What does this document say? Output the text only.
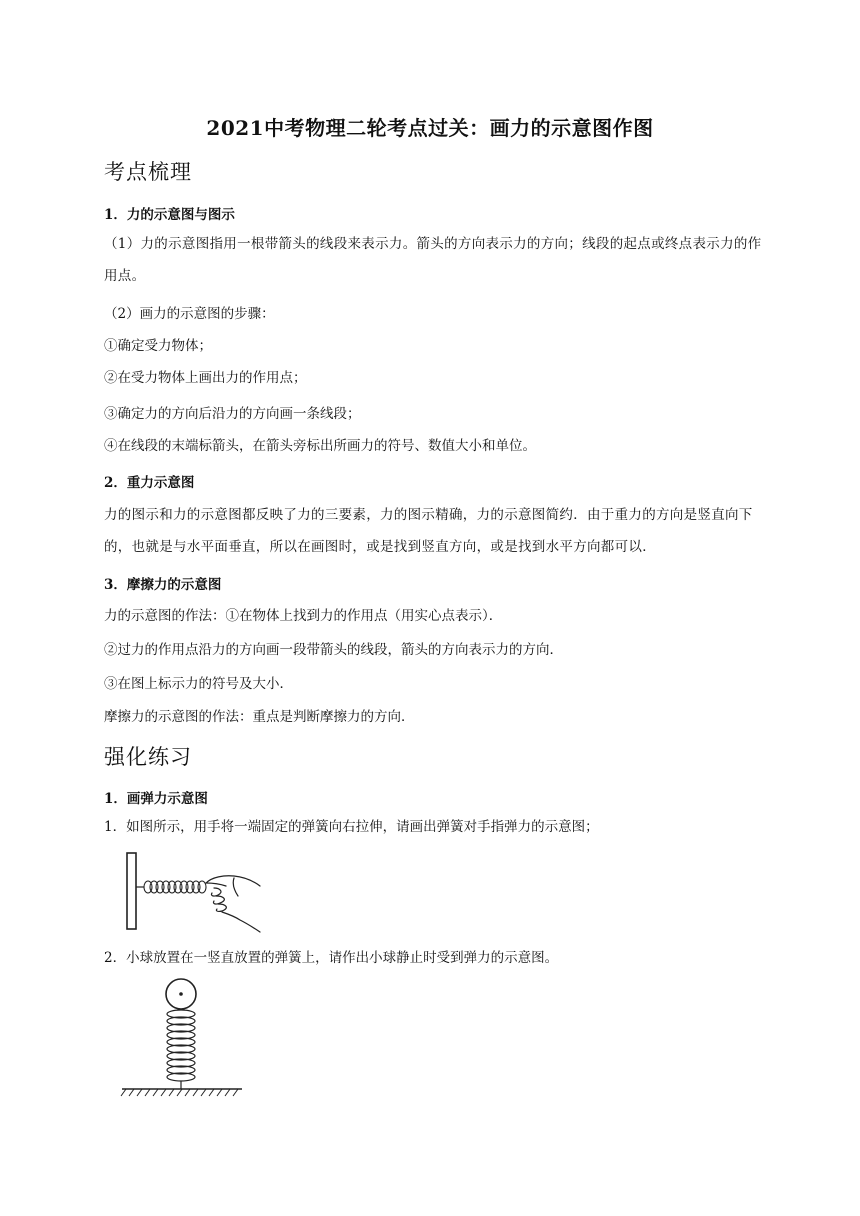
2021中考物理二轮考点过关：画力的示意图作图
考点梳理
1．力的示意图与图示
（1）力的示意图指用一根带箭头的线段来表示力。箭头的方向表示力的方向；线段的起点或终点表示力的作用点。
（2）画力的示意图的步骤：
①确定受力物体；
②在受力物体上画出力的作用点；
③确定力的方向后沿力的方向画一条线段；
④在线段的末端标箭头，在箭头旁标出所画力的符号、数值大小和单位。
2．重力示意图
力的图示和力的示意图都反映了力的三要素，力的图示精确，力的示意图简约．由于重力的方向是竖直向下的，也就是与水平面垂直，所以在画图时，或是找到竖直方向，或是找到水平方向都可以．
3．摩擦力的示意图
力的示意图的作法：①在物体上找到力的作用点（用实心点表示）．
②过力的作用点沿力的方向画一段带箭头的线段，箭头的方向表示力的方向．
③在图上标示力的符号及大小．
摩擦力的示意图的作法：重点是判断摩擦力的方向．
强化练习
1．画弹力示意图
1．如图所示，用手将一端固定的弹簧向右拉伸，请画出弹簧对手指弹力的示意图；
2．小球放置在一竖直放置的弹簧上，请作出小球静止时受到弹力的示意图。
